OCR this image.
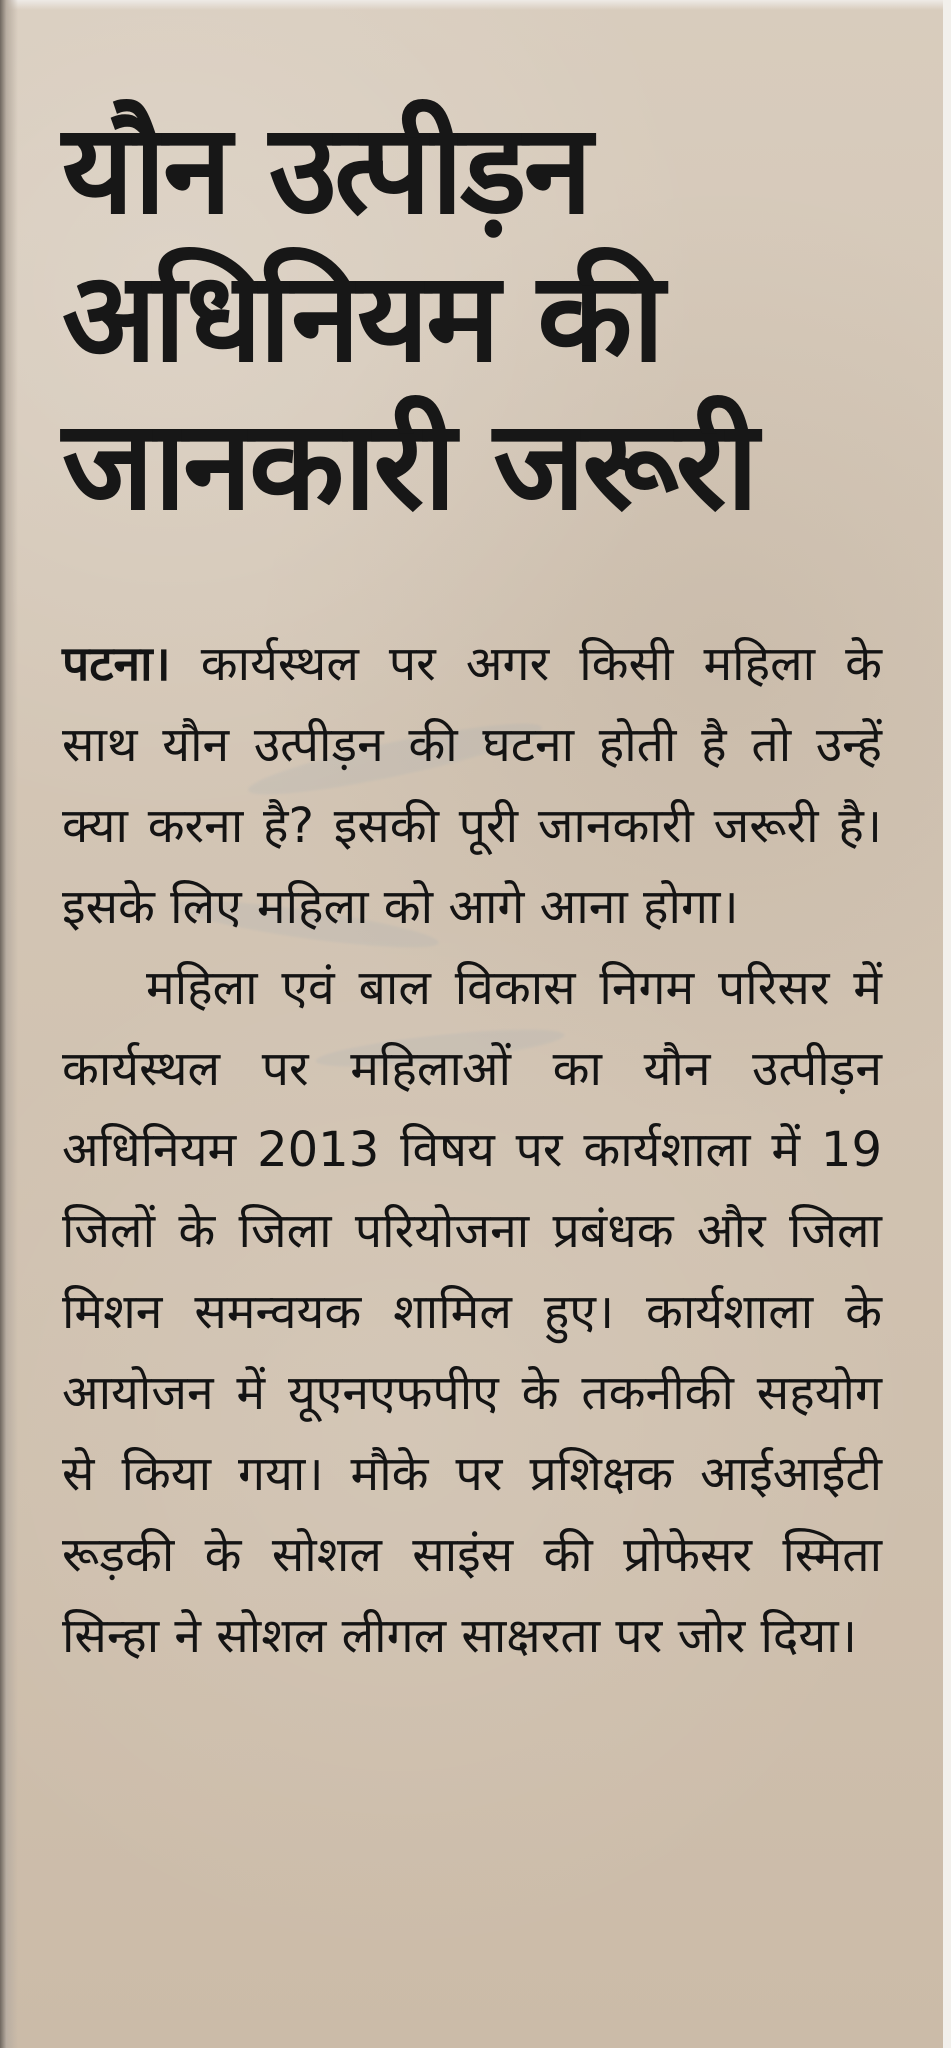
यौन उत्पीड़न
अधिनियम की
जानकारी जरूरी

पटना। कार्यस्थल पर अगर किसी महिला के साथ यौन उत्पीड़न की घटना होती है तो उन्हें क्या करना है? इसकी पूरी जानकारी जरूरी है। इसके लिए महिला को आगे आना होगा।

महिला एवं बाल विकास निगम परिसर में कार्यस्थल पर महिलाओं का यौन उत्पीड़न अधिनियम 2013 विषय पर कार्यशाला में 19 जिलों के जिला परियोजना प्रबंधक और जिला मिशन समन्वयक शामिल हुए। कार्यशाला के आयोजन में यूएनएफपीए के तकनीकी सहयोग से किया गया। मौके पर प्रशिक्षक आईआईटी रूड़की के सोशल साइंस की प्रोफेसर स्मिता सिन्हा ने सोशल लीगल साक्षरता पर जोर दिया।
